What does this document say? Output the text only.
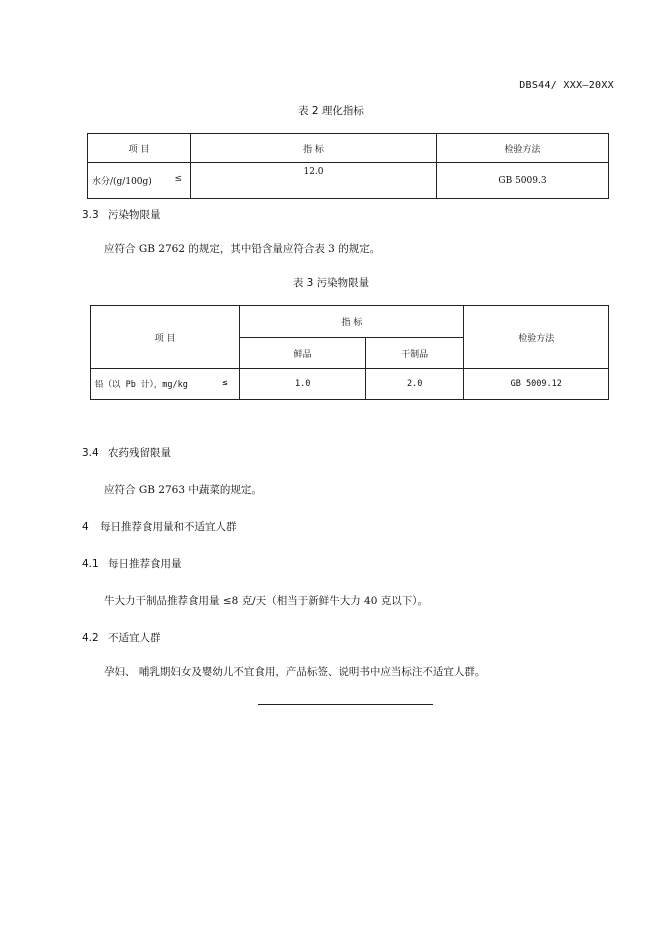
DBS44/ XXX—20XX
表 2 理化指标
项 目	指 标	检验方法
水分/(g/100g) ≤	12.0	GB 5009.3
3.3 污染物限量
应符合 GB 2762 的规定，其中铅含量应符合表 3 的规定。
表 3 污染物限量
项 目	指 标		检验方法
	鲜品	干制品	
铅（以 Pb 计），mg/kg ≤	1.0	2.0	GB 5009.12
3.4 农药残留限量
应符合 GB 2763 中蔬菜的规定。
4 每日推荐食用量和不适宜人群
4.1 每日推荐食用量
牛大力干制品推荐食用量 ≤8 克/天（相当于新鲜牛大力 40 克以下）。
4.2 不适宜人群
孕妇、 哺乳期妇女及婴幼儿不宜食用，产品标签、说明书中应当标注不适宜人群。
